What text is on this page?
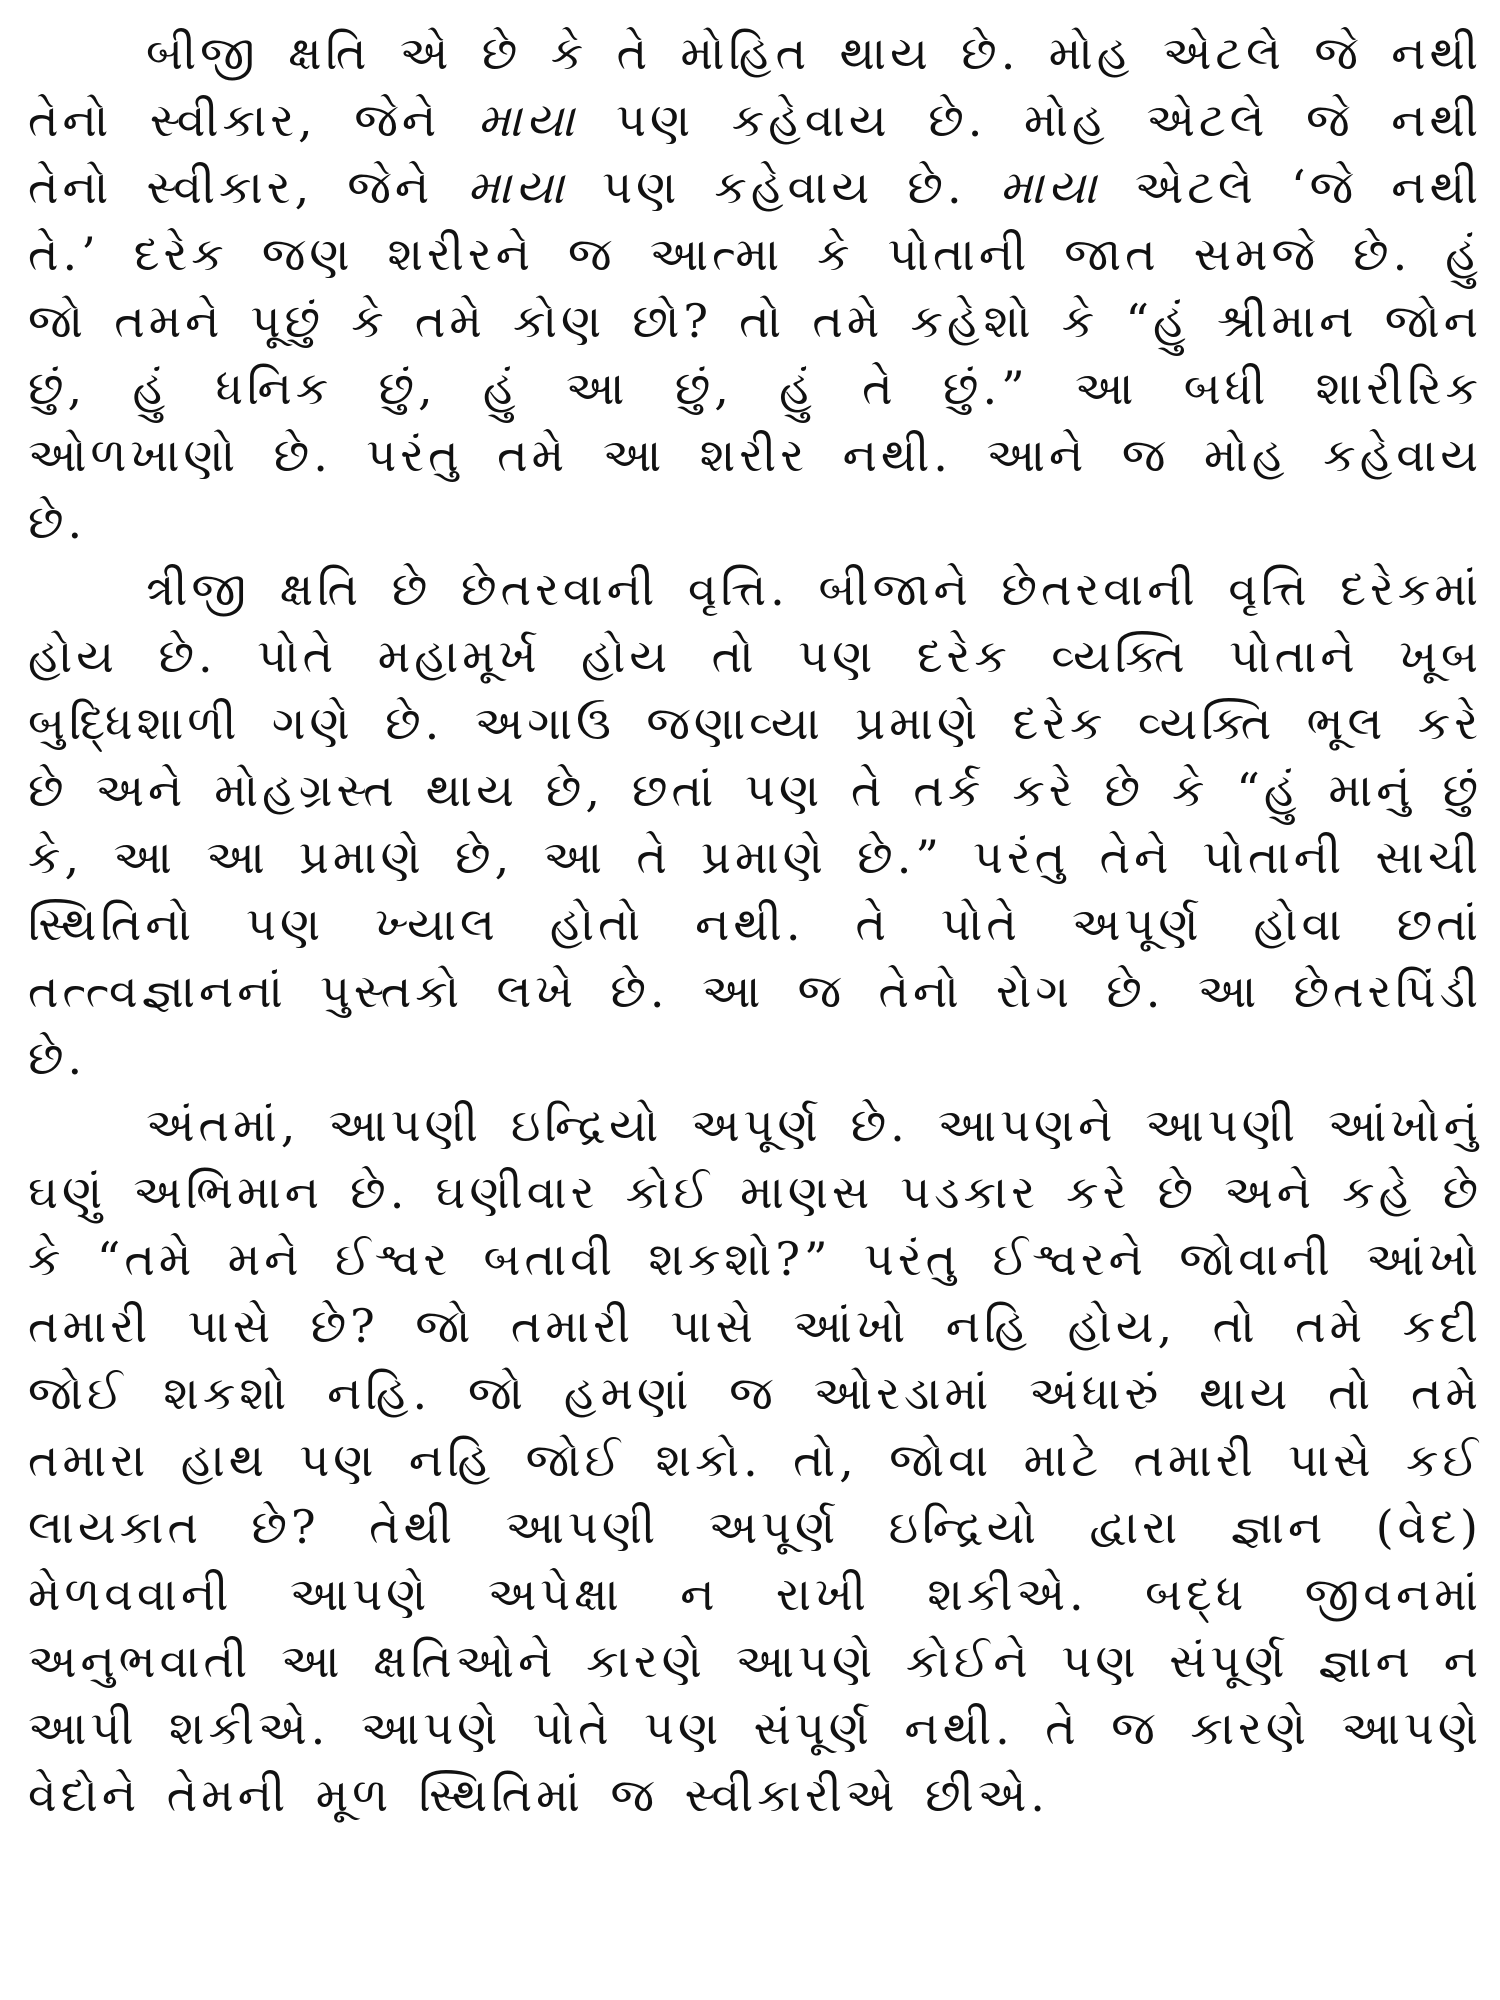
બીજી ક્ષતિ એ છે કે તે મોહિત થાય છે. મોહ એટલે જે નથી તેનો સ્વીકાર, જેને માયા પણ કહેવાય છે. મોહ એટલે જે નથી તેનો સ્વીકાર, જેને માયા પણ કહેવાય છે. માયા એટલે ‘જે નથી તે.’ દરેક જણ શરીરને જ આત્મા કે પોતાની જાત સમજે છે. હું જો તમને પૂછું કે તમે કોણ છો? તો તમે કહેશો કે “હું શ્રીમાન જોન છું, હું ધનિક છું, હું આ છું, હું તે છું.” આ બધી શારીરિક ઓળખાણો છે. પરંતુ તમે આ શરીર નથી. આને જ મોહ કહેવાય છે.

ત્રીજી ક્ષતિ છે છેતરવાની વૃત્તિ. બીજાને છેતરવાની વૃત્તિ દરેકમાં હોય છે. પોતે મહામૂર્ખ હોય તો પણ દરેક વ્યક્તિ પોતાને ખૂબ બુદ્ધિશાળી ગણે છે. અગાઉ જણાવ્યા પ્રમાણે દરેક વ્યક્તિ ભૂલ કરે છે અને મોહગ્રસ્ત થાય છે, છતાં પણ તે તર્ક કરે છે કે “હું માનું છું કે, આ આ પ્રમાણે છે, આ તે પ્રમાણે છે.” પરંતુ તેને પોતાની સાચી સ્થિતિનો પણ ખ્યાલ હોતો નથી. તે પોતે અપૂર્ણ હોવા છતાં તત્ત્વજ્ઞાનનાં પુસ્તકો લખે છે. આ જ તેનો રોગ છે. આ છેતરપિંડી છે.

અંતમાં, આપણી ઇન્દ્રિયો અપૂર્ણ છે. આપણને આપણી આંખોનું ઘણું અભિમાન છે. ઘણીવાર કોઈ માણસ પડકાર કરે છે અને કહે છે કે “તમે મને ઈશ્વર બતાવી શકશો?” પરંતુ ઈશ્વરને જોવાની આંખો તમારી પાસે છે? જો તમારી પાસે આંખો નહિ હોય, તો તમે કદી જોઈ શકશો નહિ. જો હમણાં જ ઓરડામાં અંધારું થાય તો તમે તમારા હાથ પણ નહિ જોઈ શકો. તો, જોવા માટે તમારી પાસે કઈ લાયકાત છે? તેથી આપણી અપૂર્ણ ઇન્દ્રિયો દ્વારા જ્ઞાન (વેદ) મેળવવાની આપણે અપેક્ષા ન રાખી શકીએ. બદ્ધ જીવનમાં અનુભવાતી આ ક્ષતિઓને કારણે આપણે કોઈને પણ સંપૂર્ણ જ્ઞાન ન આપી શકીએ. આપણે પોતે પણ સંપૂર્ણ નથી. તે જ કારણે આપણે વેદોને તેમની મૂળ સ્થિતિમાં જ સ્વીકારીએ છીએ.
